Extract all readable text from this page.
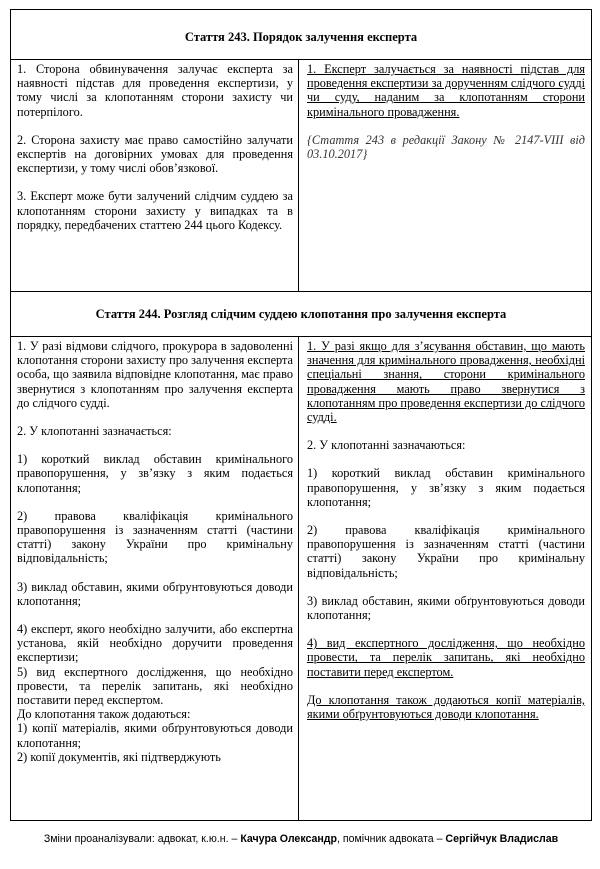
Стаття 243. Порядок залучення експерта

1. Сторона обвинувачення залучає експерта за наявності підстав для проведення експертизи, у тому числі за клопотанням сторони захисту чи потерпілого.

2. Сторона захисту має право самостійно залучати експертів на договірних умовах для проведення експертизи, у тому числі обов’язкової.

3. Експерт може бути залучений слідчим суддею за клопотанням сторони захисту у випадках та в порядку, передбачених статтею 244 цього Кодексу.

1. Експерт залучається за наявності підстав для проведення експертизи за дорученням слідчого судді чи суду, наданим за клопотанням сторони кримінального провадження.

{Стаття 243 в редакції Закону № 2147-VIII від 03.10.2017}

Стаття 244. Розгляд слідчим суддею клопотання про залучення експерта

1. У разі відмови слідчого, прокурора в задоволенні клопотання сторони захисту про залучення експерта особа, що заявила відповідне клопотання, має право звернутися з клопотанням про залучення експерта до слідчого судді.

2. У клопотанні зазначається:

1) короткий виклад обставин кримінального правопорушення, у зв’язку з яким подається клопотання;

2) правова кваліфікація кримінального правопорушення із зазначенням статті (частини статті) закону України про кримінальну відповідальність;

3) виклад обставин, якими обґрунтовуються доводи клопотання;

4) експерт, якого необхідно залучити, або експертна установа, якій необхідно доручити проведення експертизи;

5) вид експертного дослідження, що необхідно провести, та перелік запитань, які необхідно поставити перед експертом.

До клопотання також додаються:

1) копії матеріалів, якими обґрунтовуються доводи клопотання;

2) копії документів, які підтверджують

1. У разі якщо для з’ясування обставин, що мають значення для кримінального провадження, необхідні спеціальні знання, сторони кримінального провадження мають право звернутися з клопотанням про проведення експертизи до слідчого судді.

2. У клопотанні зазначаються:

1) короткий виклад обставин кримінального правопорушення, у зв’язку з яким подається клопотання;

2) правова кваліфікація кримінального правопорушення із зазначенням статті (частини статті) закону України про кримінальну відповідальність;

3) виклад обставин, якими обґрунтовуються доводи клопотання;

4) вид експертного дослідження, що необхідно провести, та перелік запитань, які необхідно поставити перед експертом.

До клопотання також додаються копії матеріалів, якими обґрунтовуються доводи клопотання.

Зміни проаналізували: адвокат, к.ю.н. – Качура Олександр, помічник адвоката – Сергійчук Владислав
